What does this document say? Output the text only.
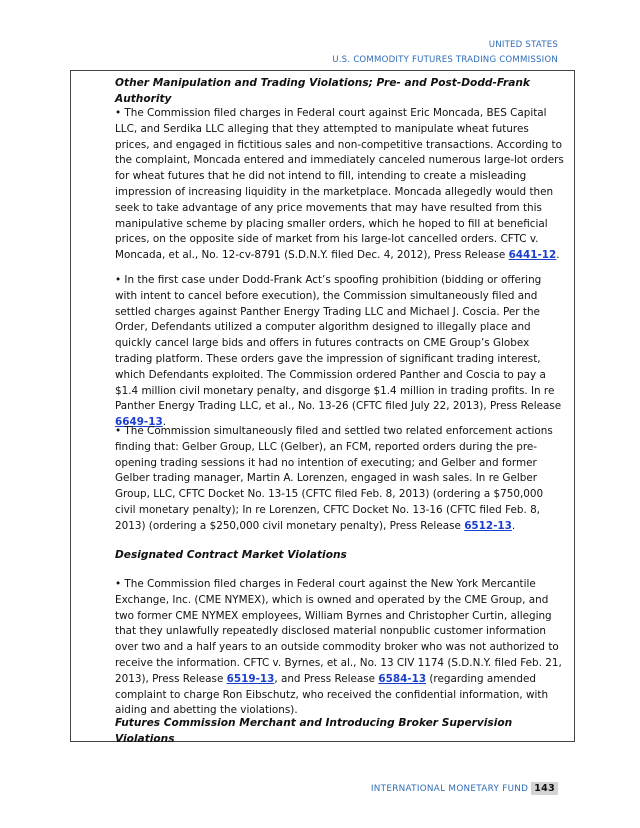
UNITED STATES
U.S. COMMODITY FUTURES TRADING COMMISSION

Other Manipulation and Trading Violations; Pre- and Post-Dodd-Frank Authority

• The Commission filed charges in Federal court against Eric Moncada, BES Capital LLC, and Serdika LLC alleging that they attempted to manipulate wheat futures prices, and engaged in fictitious sales and non-competitive transactions. According to the complaint, Moncada entered and immediately canceled numerous large-lot orders for wheat futures that he did not intend to fill, intending to create a misleading impression of increasing liquidity in the marketplace. Moncada allegedly would then seek to take advantage of any price movements that may have resulted from this manipulative scheme by placing smaller orders, which he hoped to fill at beneficial prices, on the opposite side of market from his large-lot cancelled orders. CFTC v. Moncada, et al., No. 12-cv-8791 (S.D.N.Y. filed Dec. 4, 2012), Press Release 6441-12.

• In the first case under Dodd-Frank Act’s spoofing prohibition (bidding or offering with intent to cancel before execution), the Commission simultaneously filed and settled charges against Panther Energy Trading LLC and Michael J. Coscia. Per the Order, Defendants utilized a computer algorithm designed to illegally place and quickly cancel large bids and offers in futures contracts on CME Group’s Globex trading platform. These orders gave the impression of significant trading interest, which Defendants exploited. The Commission ordered Panther and Coscia to pay a $1.4 million civil monetary penalty, and disgorge $1.4 million in trading profits. In re Panther Energy Trading LLC, et al., No. 13-26 (CFTC filed July 22, 2013), Press Release 6649-13.

• The Commission simultaneously filed and settled two related enforcement actions finding that: Gelber Group, LLC (Gelber), an FCM, reported orders during the pre-opening trading sessions it had no intention of executing; and Gelber and former Gelber trading manager, Martin A. Lorenzen, engaged in wash sales. In re Gelber Group, LLC, CFTC Docket No. 13-15 (CFTC filed Feb. 8, 2013) (ordering a $750,000 civil monetary penalty); In re Lorenzen, CFTC Docket No. 13-16 (CFTC filed Feb. 8, 2013) (ordering a $250,000 civil monetary penalty), Press Release 6512-13.

Designated Contract Market Violations

• The Commission filed charges in Federal court against the New York Mercantile Exchange, Inc. (CME NYMEX), which is owned and operated by the CME Group, and two former CME NYMEX employees, William Byrnes and Christopher Curtin, alleging that they unlawfully repeatedly disclosed material nonpublic customer information over two and a half years to an outside commodity broker who was not authorized to receive the information. CFTC v. Byrnes, et al., No. 13 CIV 1174 (S.D.N.Y. filed Feb. 21, 2013), Press Release 6519-13, and Press Release 6584-13 (regarding amended complaint to charge Ron Eibschutz, who received the confidential information, with aiding and abetting the violations).

Futures Commission Merchant and Introducing Broker Supervision Violations

INTERNATIONAL MONETARY FUND 143
